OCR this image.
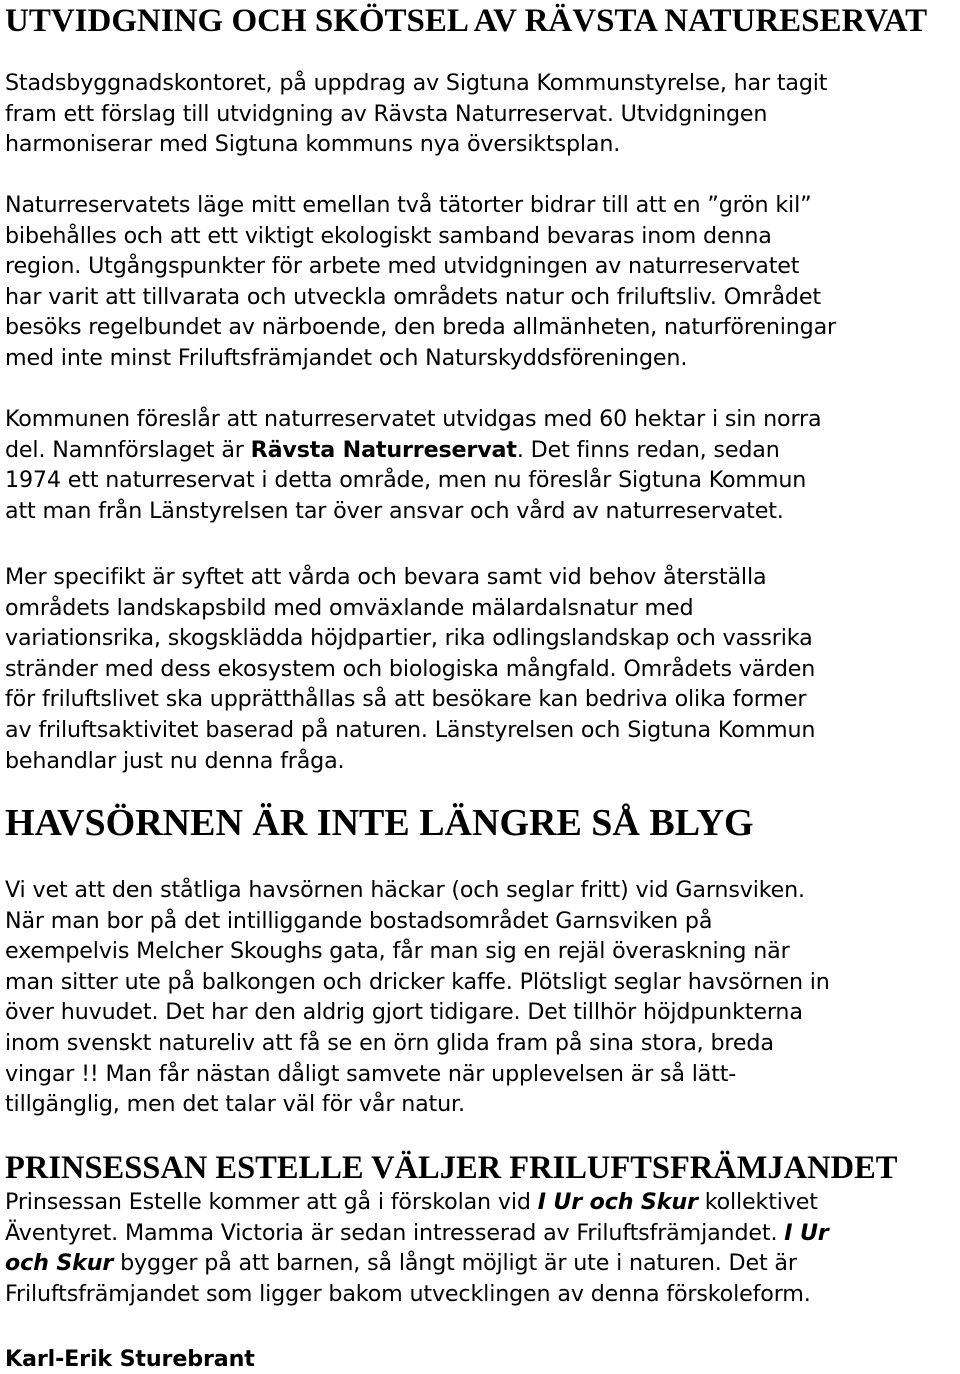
UTVIDGNING OCH SKÖTSEL AV RÄVSTA NATURESERVAT
Stadsbyggnadskontoret, på uppdrag av Sigtuna Kommunstyrelse, har tagit
fram ett förslag till utvidgning av Rävsta Naturreservat. Utvidgningen
harmoniserar med Sigtuna kommuns nya översiktsplan.
Naturreservatets läge mitt emellan två tätorter bidrar till att en ”grön kil”
bibehålles och att ett viktigt ekologiskt samband bevaras inom denna
region. Utgångspunkter för arbete med utvidgningen av naturreservatet
har varit att tillvarata och utveckla områdets natur och friluftsliv. Området
besöks regelbundet av närboende, den breda allmänheten, naturföreningar
med inte minst Friluftsfrämjandet och Naturskyddsföreningen.
Kommunen föreslår att naturreservatet utvidgas med 60 hektar i sin norra
del. Namnförslaget är Rävsta Naturreservat. Det finns redan, sedan
1974 ett naturreservat i detta område, men nu föreslår Sigtuna Kommun
att man från Länstyrelsen tar över ansvar och vård av naturreservatet.
Mer specifikt är syftet att vårda och bevara samt vid behov återställa
områdets landskapsbild med omväxlande mälardalsnatur med
variationsrika, skogsklädda höjdpartier, rika odlingslandskap och vassrika
stränder med dess ekosystem och biologiska mångfald. Områdets värden
för friluftslivet ska upprätthållas så att besökare kan bedriva olika former
av friluftsaktivitet baserad på naturen. Länstyrelsen och Sigtuna Kommun
behandlar just nu denna fråga.
HAVSÖRNEN ÄR INTE LÄNGRE SÅ BLYG
Vi vet att den ståtliga havsörnen häckar (och seglar fritt) vid Garnsviken.
När man bor på det intilliggande bostadsområdet Garnsviken på
exempelvis Melcher Skoughs gata, får man sig en rejäl överaskning när
man sitter ute på balkongen och dricker kaffe. Plötsligt seglar havsörnen in
över huvudet. Det har den aldrig gjort tidigare. Det tillhör höjdpunkterna
inom svenskt natureliv att få se en örn glida fram på sina stora, breda
vingar !! Man får nästan dåligt samvete när upplevelsen är så lätt-
tillgänglig, men det talar väl för vår natur.
PRINSESSAN ESTELLE VÄLJER FRILUFTSFRÄMJANDET
Prinsessan Estelle kommer att gå i förskolan vid I Ur och Skur kollektivet
Äventyret. Mamma Victoria är sedan intresserad av Friluftsfrämjandet. I Ur
och Skur bygger på att barnen, så långt möjligt är ute i naturen. Det är
Friluftsfrämjandet som ligger bakom utvecklingen av denna förskoleform.
Karl-Erik Sturebrant
